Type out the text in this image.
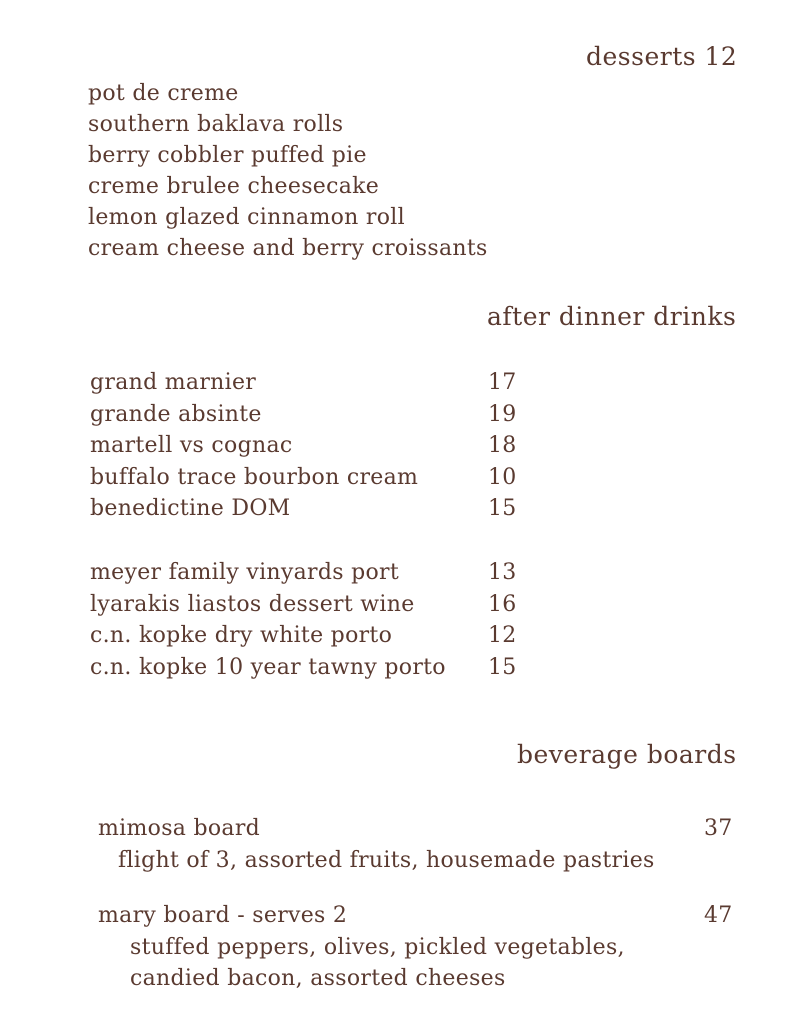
desserts 12
pot de creme
southern baklava rolls
berry cobbler puffed pie
creme brulee cheesecake
lemon glazed cinnamon roll
cream cheese and berry croissants
after dinner drinks
grand marnier	17
grande absinte	19
martell vs cognac	18
buffalo trace bourbon cream	10
benedictine DOM	15
meyer family vinyards port	13
lyarakis liastos dessert wine	16
c.n. kopke dry white porto	12
c.n. kopke 10 year tawny porto 15
beverage boards
mimosa board	37
flight of 3, assorted fruits, housemade pastries
mary board - serves 2	47
stuffed peppers, olives, pickled vegetables,
candied bacon, assorted cheeses
